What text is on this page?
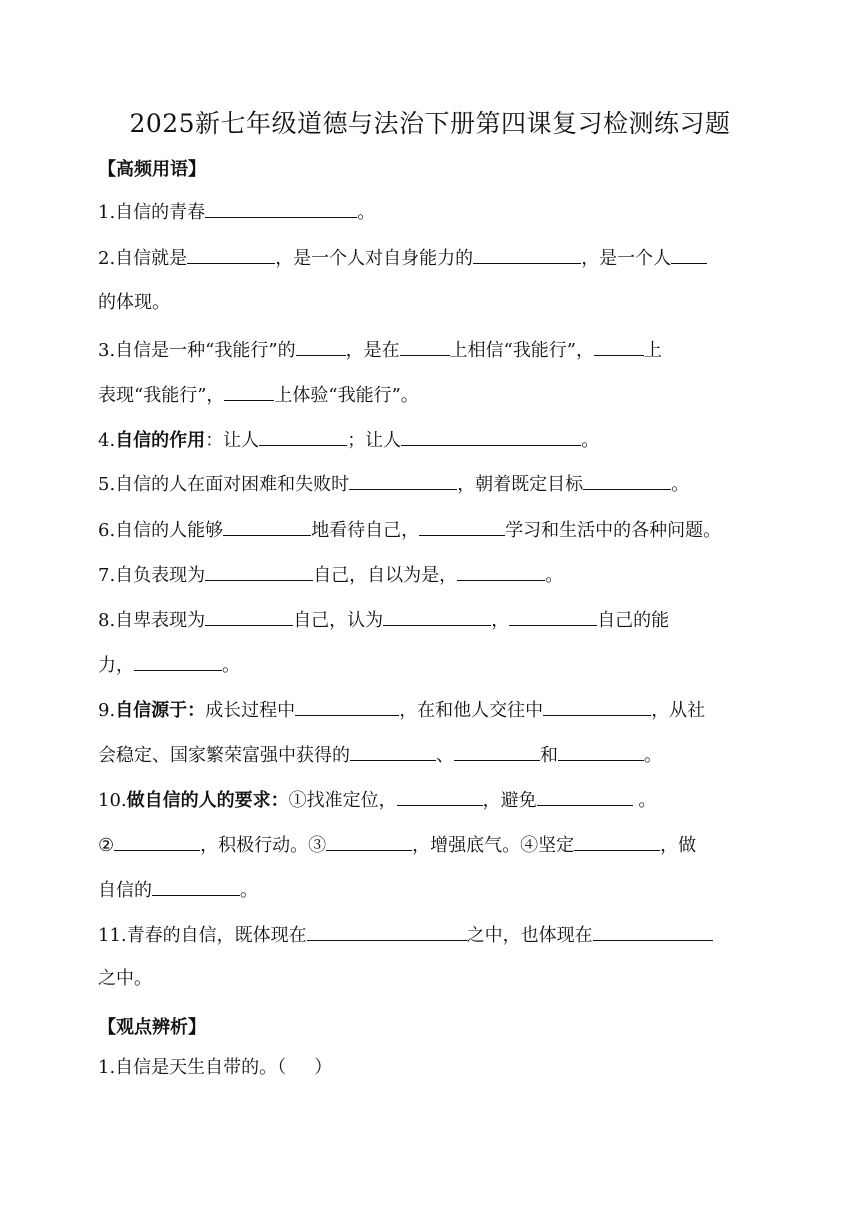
2025新七年级道德与法治下册第四课复习检测练习题
【高频用语】
1.自信的青春	。
2.自信就是	，是一个人对自身能力的	，是一个人
的体现。
3.自信是一种“我能行”的	，是在	上相信“我能行”，	上
表现“我能行”，	上体验“我能行”。
4.自信的作用：让人	；让人	。
5.自信的人在面对困难和失败时	，朝着既定目标	。
6.自信的人能够	地看待自己，	学习和生活中的各种问题。
7.自负表现为	自己，自以为是，	。
8.自卑表现为	自己，认为	，	自己的能
力，	。
9.自信源于：成长过程中	，在和他人交往中	，从社
会稳定、国家繁荣富强中获得的	、	和	。
10.做自信的人的要求：①找准定位，	，避免	。
②	，积极行动。③	，增强底气。④坚定	，做
自信的	。
11.青春的自信，既体现在	之中，也体现在
之中。
【观点辨析】
1.自信是天生自带的。（ ）
